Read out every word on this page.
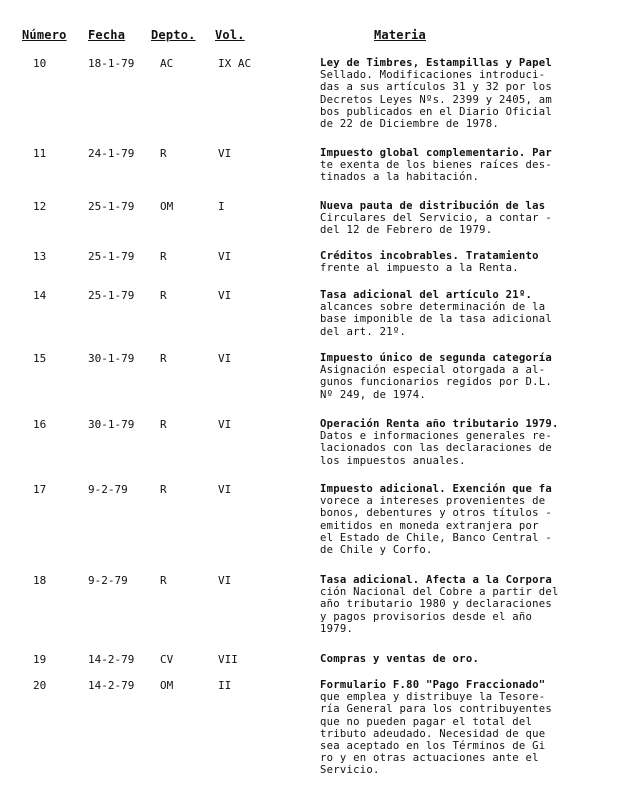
Número Fecha Depto. Vol.	Materia
10	18-1-79 AC	IX AC	Ley de Timbres, Estampillas y Papel
Sellado. Modificaciones introduci-
das a sus artículos 31 y 32 por los
Decretos Leyes Nºs. 2399 y 2405, am
bos publicados en el Diario Oficial
de 22 de Diciembre de 1978.
11	24-1-79 R	VI	Impuesto global complementario. Par
te exenta de los bienes raíces des-
tinados a la habitación.
12	25-1-79 OM	I	Nueva pauta de distribución de las
Circulares del Servicio, a contar -
del 12 de Febrero de 1979.
13	25-1-79 R	VI	Créditos incobrables. Tratamiento
frente al impuesto a la Renta.
14	25-1-79 R	VI	Tasa adicional del artículo 21º.
alcances sobre determinación de la
base imponible de la tasa adicional
del art. 21º.
15	30-1-79 R	VI	Impuesto único de segunda categoría
Asignación especial otorgada a al-
gunos funcionarios regidos por D.L.
Nº 249, de 1974.
16	30-1-79 R	VI	Operación Renta año tributario 1979.
Datos e informaciones generales re-
lacionados con las declaraciones de
los impuestos anuales.
17	9-2-79	R	VI	Impuesto adicional. Exención que fa
vorece a intereses provenientes de
bonos, debentures y otros títulos -
emitidos en moneda extranjera por
el Estado de Chile, Banco Central -
de Chile y Corfo.
18	9-2-79	R	VI	Tasa adicional. Afecta a la Corpora
ción Nacional del Cobre a partir del
año tributario 1980 y declaraciones
y pagos provisorios desde el año
1979.
19	14-2-79 CV	VII	Compras y ventas de oro.
20	14-2-79 OM	II	Formulario F.80 "Pago Fraccionado"
que emplea y distribuye la Tesore-
ría General para los contribuyentes
que no pueden pagar el total del
tributo adeudado. Necesidad de que
sea aceptado en los Términos de Gi
ro y en otras actuaciones ante el
Servicio.
